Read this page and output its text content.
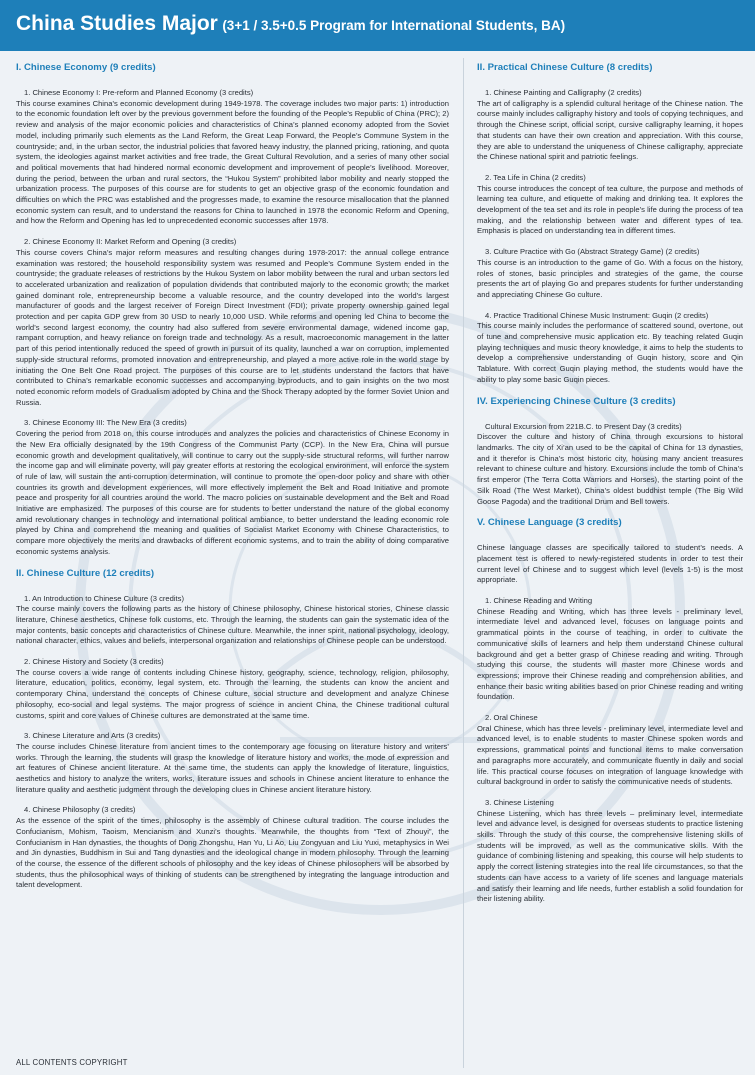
China Studies Major (3+1 / 3.5+0.5 Program for International Students, BA)
I. Chinese Economy (9 credits)
1. Chinese Economy I: Pre-reform and Planned Economy (3 credits)
This course examines China’s economic development during 1949-1978. The coverage includes two major parts: 1) introduction to the economic foundation left over by the previous government before the founding of the People’s Republic of China (PRC); 2) review and analysis of the major economic policies and characteristics of China’s planned economy adopted from the Soviet model, including primarily such elements as the Land Reform, the Great Leap Forward, the People’s Commune System in the countryside; and, in the urban sector, the industrial policies that favored heavy industry, the planned pricing, rationing, and quota system, the ideologies against market activities and free trade, the Great Cultural Revolution, and a series of many other social and political movements that had hindered normal economic development and improvement of people’s livelihood. Moreover, during the period, between the urban and rural sectors, the “Hukou System” prohibited labor mobility and nearly stopped the urbanization process. The purposes of this course are for students to get an objective grasp of the economic foundation and difficulties on which the PRC was established and the progresses made, to examine the resource misallocation that the planned economic system can result, and to understand the reasons for China to launched in 1978 the economic Reform and Opening, and how the Reform and Opening has led to unprecedented economic successes after 1978.
2. Chinese Economy II: Market Reform and Opening (3 credits)
This course covers China’s major reform measures and resulting changes during 1978-2017: the annual college entrance examination was restored; the household responsibility system was resumed and People’s Commune System ended in the countryside; the graduate releases of restrictions by the Hukou System on labor mobility between the rural and urban sectors led to accelerated urbanization and realization of population dividends that contributed majorly to the economic growth; the market gained dominant role, entrepreneurship become a valuable resource, and the country developed into the world’s largest manufacturer of goods and the largest receiver of Foreign Direct Investment (FDI); private property ownership gained legal protection and per capita GDP grew from 30 USD to nearly 10,000 USD. While reforms and opening led China to become the world’s second largest economy, the country had also suffered from severe environmental damage, widened income gap, rampant corruption, and heavy reliance on foreign trade and technology. As a result, macroeconomic management in the latter part of this period intentionally reduced the speed of growth in pursuit of its quality, launched a war on corruption, implemented supply-side structural reforms, promoted innovation and entrepreneurship, and played a more active role in the world stage by initiating the One Belt One Road project. The purposes of this course are to let students understand the factors that have contributed to China’s remarkable economic successes and accompanying byproducts, and to gain insights on the two most noted economic reform models of Gradualism adopted by China and the Shock Therapy adopted by the former Soviet Union and Russia.
3. Chinese Economy III: The New Era (3 credits)
Covering the period from 2018 on, this course introduces and analyzes the policies and characteristics of Chinese Economy in the New Era officially designated by the 19th Congress of the Communist Party (CCP). In the New Era, China will pursue economic growth and development qualitatively, will continue to carry out the supply-side structural reforms, will further narrow the income gap and will eliminate poverty, will pay greater efforts at restoring the ecological environment, will enforce the system of rule of law, will sustain the anti-corruption determination, will continue to promote the open-door policy and share with other countries its growth and development experiences, will more effectively implement the Belt and Road Initiative and promote peace and prosperity for all countries around the world. The macro policies on sustainable development and the Belt and Road Initiative are emphasized. The purposes of this course are for students to better understand the nature of the global economy amid revolutionary changes in technology and international political ambiance, to better understand the leading economic role played by China and comprehend the meaning and qualities of Socialist Market Economy with Chinese Characteristics, to compare more objectively the merits and drawbacks of different economic systems, and to train the ability of doing comparative economic systems analysis.
II. Chinese Culture (12 credits)
1. An Introduction to Chinese Culture (3 credits)
The course mainly covers the following parts as the history of Chinese philosophy, Chinese historical stories, Chinese classic literature, Chinese aesthetics, Chinese folk customs, etc. Through the learning, the students can gain the systematic idea of the major contents, basic concepts and characteristics of Chinese culture. Meanwhile, the inner spirit, national psychology, ideology, national character, ethics, values and beliefs, interpersonal organization and relationships of Chinese people can be understood.
2. Chinese History and Society (3 credits)
The course covers a wide range of contents including Chinese history, geography, science, technology, religion, philosophy, literature, education, politics, economy, legal system, etc. Through the learning, the students can know the ancient and contemporary China, understand the concepts of Chinese culture, social structure and development and analyze Chinese philosophy, eco-social and legal systems. The major progress of science in ancient China, the Chinese traditional cultural customs, spirit and core values of Chinese cultures are demonstrated at the same time.
3. Chinese Literature and Arts (3 credits)
The course includes Chinese literature from ancient times to the contemporary age focusing on literature history and writers’ works. Through the learning, the students will grasp the knowledge of literature history and works, the mode of expression and art features of Chinese ancient literature. At the same time, the students can apply the knowledge of literature, linguistics, aesthetics and history to analyze the writers, works, literature issues and schools in Chinese ancient literature to enhance the literature quality and aesthetic judgment through the developing clues in Chinese ancient literature history.
4. Chinese Philosophy (3 credits)
As the essence of the spirit of the times, philosophy is the assembly of Chinese cultural tradition. The course includes the Confucianism, Mohism, Taoism, Mencianism and Xunzi’s thoughts. Meanwhile, the thoughts from “Text of Zhouyi”, the Confucianism in Han dynasties, the thoughts of Dong Zhongshu, Han Yu, Li Ao, Liu Zongyuan and Liu Yuxi, metaphysics in Wei and Jin dynasties, Buddhism in Sui and Tang dynasties and the ideological change in modern philosophy. Through the learning of the course, the essence of the different schools of philosophy and the key ideas of Chinese philosophers will be absorbed by students, thus the philosophical ways of thinking of students can be strengthened by integrating the language introduction and talent development.
II. Practical Chinese Culture (8 credits)
1. Chinese Painting and Calligraphy (2 credits)
The art of calligraphy is a splendid cultural heritage of the Chinese nation. The course mainly includes calligraphy history and tools of copying techniques, and through the Chinese script, official script, cursive calligraphy learning, it hopes that students can have their own creation and appreciation. With this course, they are able to understand the uniqueness of Chinese calligraphy, appreciate the Chinese national spirit and patriotic feelings.
2. Tea Life in China (2 credits)
This course introduces the concept of tea culture, the purpose and methods of learning tea culture, and etiquette of making and drinking tea. It explores the development of the tea set and its role in people’s life during the process of tea making, and the relationship between water and different types of tea. Emphasis is placed on understanding tea in different times.
3. Culture Practice with Go (Abstract Strategy Game) (2 credits)
This course is an introduction to the game of Go. With a focus on the history, roles of stones, basic principles and strategies of the game, the course presents the art of playing Go and prepares students for further understanding and appreciating Chinese Go culture.
4. Practice Traditional Chinese Music Instrument: Guqin (2 credits)
This course mainly includes the performance of scattered sound, overtone, out of tune and comprehensive music application etc. By teaching related Guqin playing techniques and music theory knowledge, it aims to help the students to develop a comprehensive understanding of Guqin history, score and Qin Tablature. With correct Guqin playing method, the students would have the ability to play some basic Guqin pieces.
IV. Experiencing Chinese Culture (3 credits)
Cultural Excursion from 221B.C. to Present Day (3 credits)
Discover the culture and history of China through excursions to historal landmarks. The city of Xi’an used to be the capital of China for 13 dynasties, and it therefor is China’s most historic city, housing many ancient treasures relevant to chinese culture and history. Excursions include the tomb of China’s first emperor (The Terra Cotta Warriors and Horses), the starting point of the Silk Road (The West Market), China’s oldest buddhist temple (The Big Wild Goose Pagoda) and the traditional Drum and Bell towers.
V. Chinese Language (3 credits)
Chinese language classes are specifically tailored to student’s needs. A placement test is offered to newly-registered students in order to test their current level of Chinese and to suggest which level (levels 1-5) is the most appropriate.
1. Chinese Reading and Writing
Chinese Reading and Writing, which has three levels - preliminary level, intermediate level and advanced level, focuses on language points and grammatical points in the course of teaching, in order to cultivate the communicative skills of learners and help them understand Chinese cultural background and get a better grasp of Chinese reading and writing. Through studying this course, the students will master more Chinese words and expressions; improve their Chinese reading and comprehension abilities, and enhance their basic writing abilities based on prior Chinese reading and writing foundation.
2. Oral Chinese
Oral Chinese, which has three levels - preliminary level, intermediate level and advanced level, is to enable students to master Chinese spoken words and expressions, grammatical points and functional items to make conversation and paragraphs more accurately, and communicate fluently in daily and social life. This practical course focuses on integration of language knowledge with cultural background in order to satisfy the communicative needs of students.
3. Chinese Listening
Chinese Listening, which has three levels – preliminary level, intermediate level and advance level, is designed for overseas students to practice listening skills. Through the study of this course, the comprehensive listening skills of students will be improved, as well as the communicative skills. With the guidance of combining listening and speaking, this course will help students to apply the correct listening strategies into the real life circumstances, so that the students can have access to a variety of life scenes and language materials and satisfy their learning and life needs, further establish a solid foundation for their listening ability.
ALL CONTENTS COPYRIGHT
